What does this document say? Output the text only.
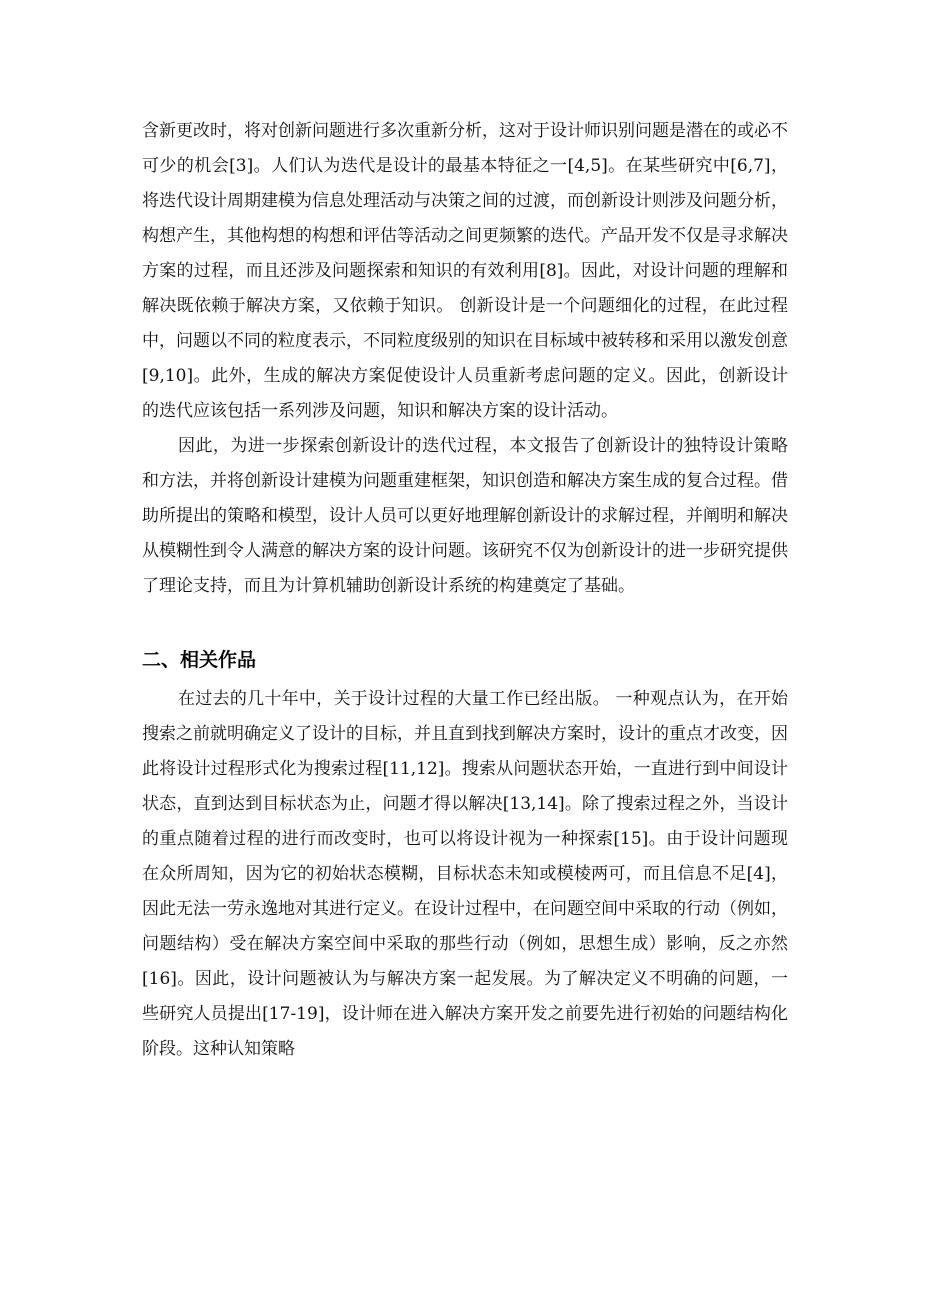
含新更改时，将对创新问题进行多次重新分析，这对于设计师识别问题是潜在的或必不可少的机会[3]。人们认为迭代是设计的最基本特征之一[4,5]。在某些研究中[6,7]，将迭代设计周期建模为信息处理活动与决策之间的过渡，而创新设计则涉及问题分析，构想产生，其他构想的构想和评估等活动之间更频繁的迭代。产品开发不仅是寻求解决方案的过程，而且还涉及问题探索和知识的有效利用[8]。因此，对设计问题的理解和解决既依赖于解决方案，又依赖于知识。 创新设计是一个问题细化的过程，在此过程中，问题以不同的粒度表示，不同粒度级别的知识在目标域中被转移和采用以激发创意[9,10]。此外，生成的解决方案促使设计人员重新考虑问题的定义。因此，创新设计的迭代应该包括一系列涉及问题，知识和解决方案的设计活动。

因此，为进一步探索创新设计的迭代过程，本文报告了创新设计的独特设计策略和方法，并将创新设计建模为问题重建框架，知识创造和解决方案生成的复合过程。借助所提出的策略和模型，设计人员可以更好地理解创新设计的求解过程，并阐明和解决从模糊性到令人满意的解决方案的设计问题。该研究不仅为创新设计的进一步研究提供了理论支持，而且为计算机辅助创新设计系统的构建奠定了基础。

二、相关作品

在过去的几十年中，关于设计过程的大量工作已经出版。 一种观点认为，在开始搜索之前就明确定义了设计的目标，并且直到找到解决方案时，设计的重点才改变，因此将设计过程形式化为搜索过程[11,12]。搜索从问题状态开始，一直进行到中间设计状态，直到达到目标状态为止，问题才得以解决[13,14]。除了搜索过程之外，当设计的重点随着过程的进行而改变时，也可以将设计视为一种探索[15]。由于设计问题现在众所周知，因为它的初始状态模糊，目标状态未知或模棱两可，而且信息不足[4]，因此无法一劳永逸地对其进行定义。在设计过程中，在问题空间中采取的行动（例如，问题结构）受在解决方案空间中采取的那些行动（例如，思想生成）影响，反之亦然[16]。因此，设计问题被认为与解决方案一起发展。为了解决定义不明确的问题，一些研究人员提出[17-19]，设计师在进入解决方案开发之前要先进行初始的问题结构化阶段。这种认知策略
